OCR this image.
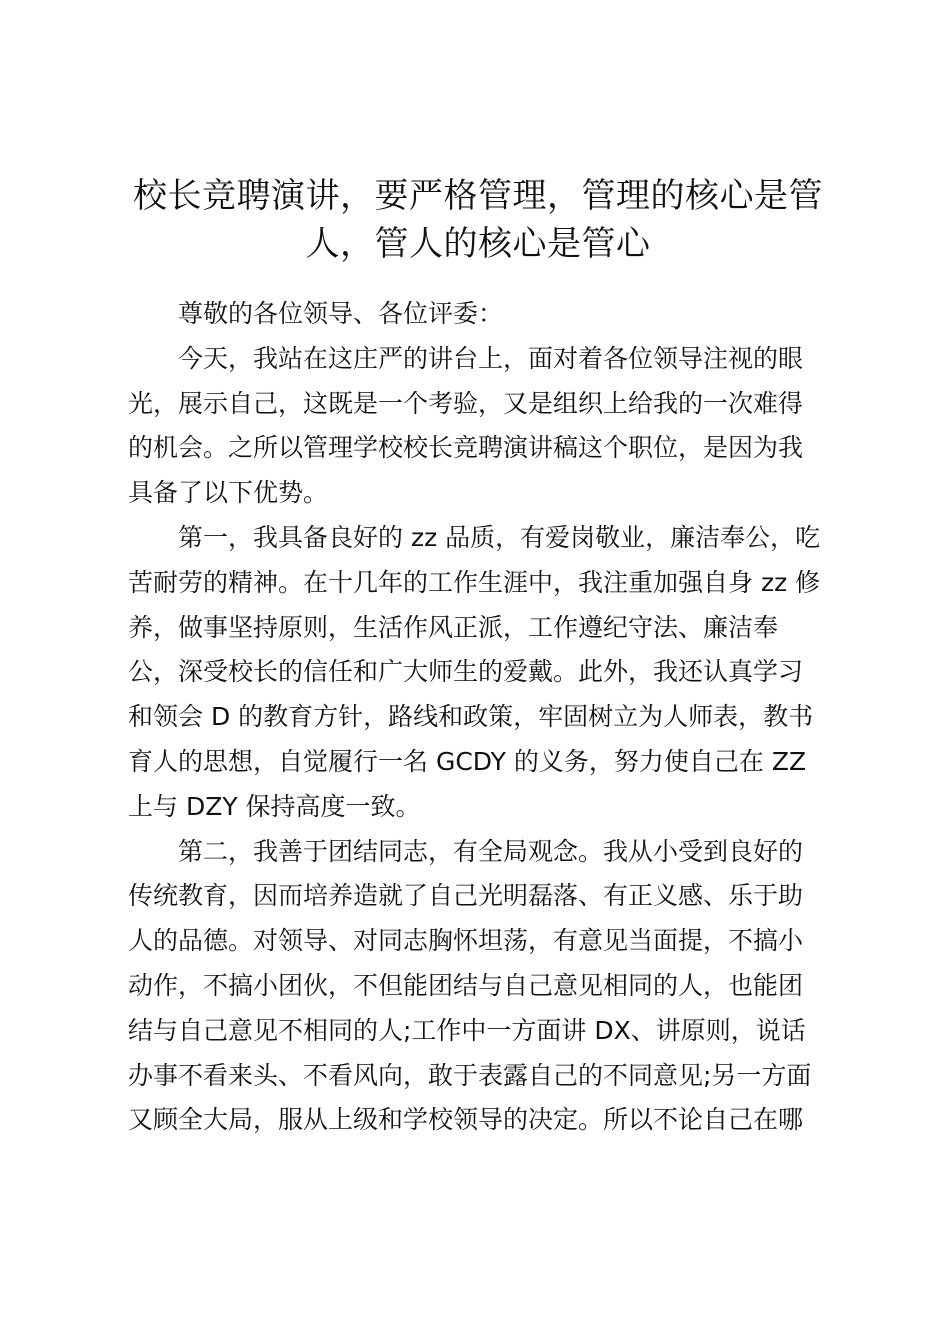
校长竞聘演讲，要严格管理，管理的核心是管
人，管人的核心是管心
尊敬的各位领导、各位评委：
今天，我站在这庄严的讲台上，面对着各位领导注视的眼
光，展示自己，这既是一个考验，又是组织上给我的一次难得
的机会。之所以管理学校校长竞聘演讲稿这个职位，是因为我
具备了以下优势。
第一，我具备良好的 zz 品质，有爱岗敬业，廉洁奉公，吃
苦耐劳的精神。在十几年的工作生涯中，我注重加强自身 zz 修
养，做事坚持原则，生活作风正派，工作遵纪守法、廉洁奉
公，深受校长的信任和广大师生的爱戴。此外，我还认真学习
和领会 D 的教育方针，路线和政策，牢固树立为人师表，教书
育人的思想，自觉履行一名 GCDY 的义务，努力使自己在 ZZ
上与 DZY 保持高度一致。
第二，我善于团结同志，有全局观念。我从小受到良好的
传统教育，因而培养造就了自己光明磊落、有正义感、乐于助
人的品德。对领导、对同志胸怀坦荡，有意见当面提，不搞小
动作，不搞小团伙，不但能团结与自己意见相同的人，也能团
结与自己意见不相同的人;工作中一方面讲 DX、讲原则，说话
办事不看来头、不看风向，敢于表露自己的不同意见;另一方面
又顾全大局，服从上级和学校领导的决定。所以不论自己在哪
